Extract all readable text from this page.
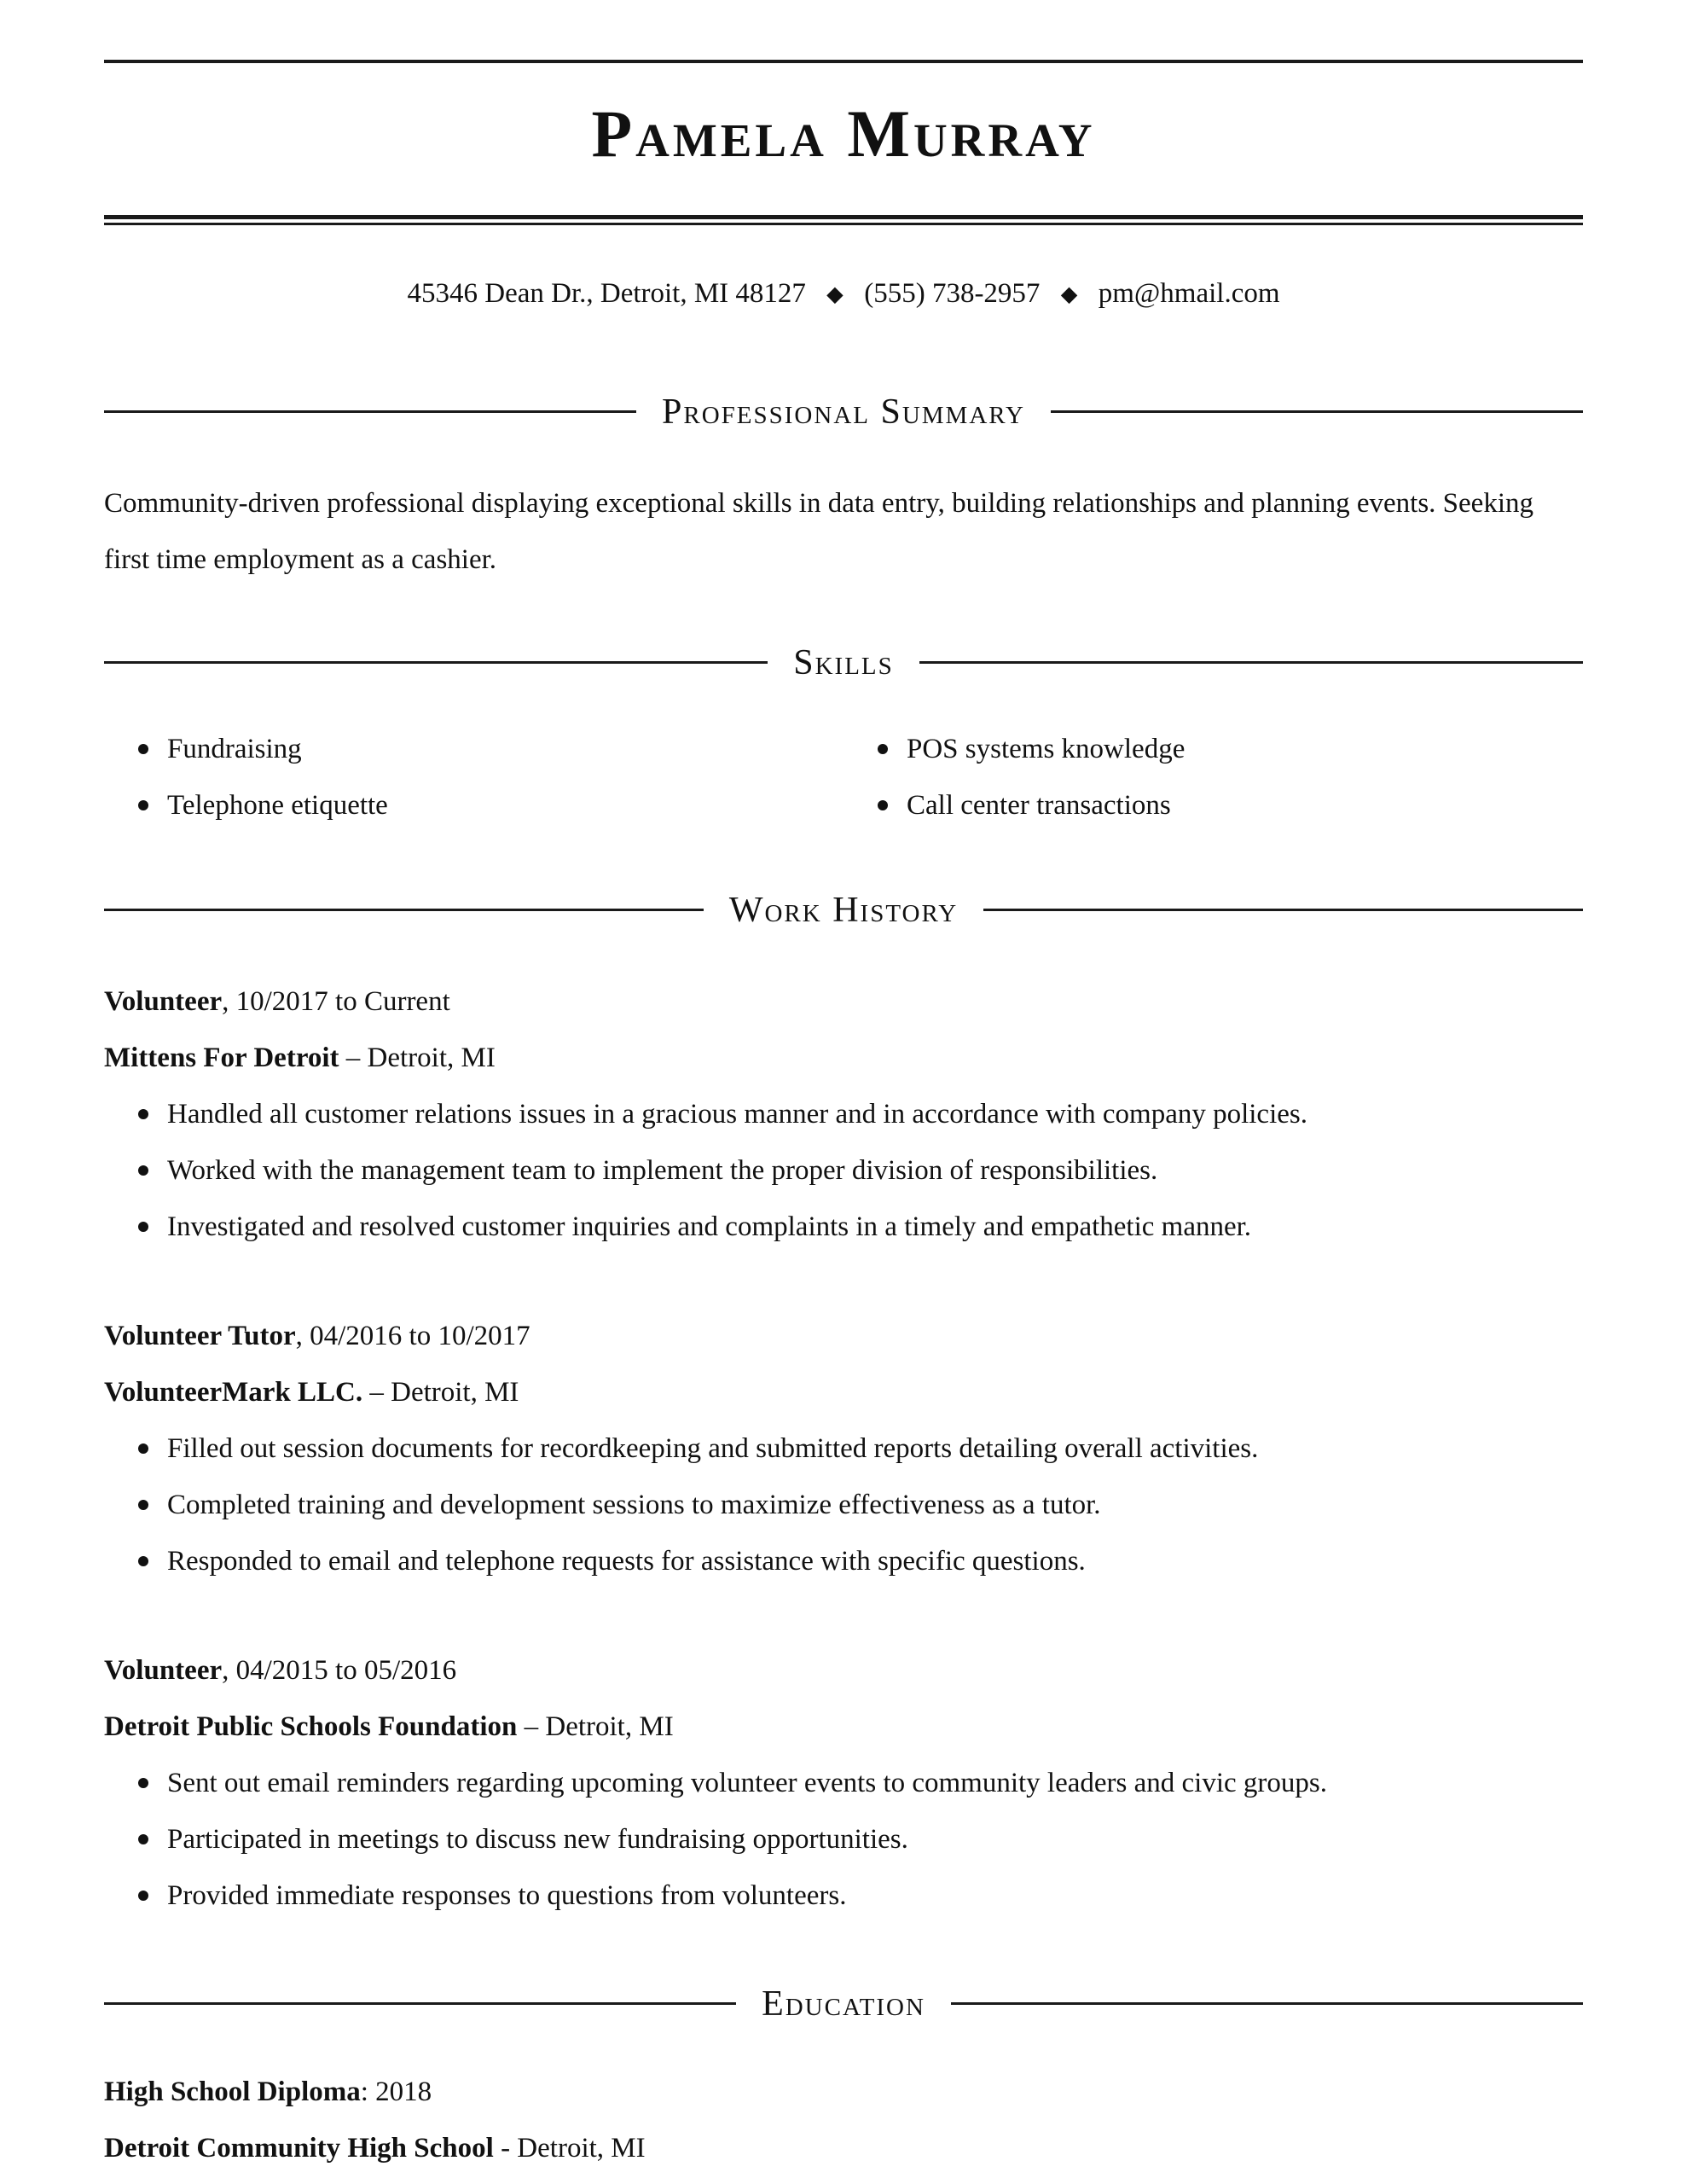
Pamela Murray

45346 Dean Dr., Detroit, MI 48127 ◆ (555) 738-2957 ◆ pm@hmail.com

Professional Summary

Community-driven professional displaying exceptional skills in data entry, building relationships and planning events. Seeking first time employment as a cashier.

Skills
Fundraising	POS systems knowledge
Telephone etiquette	Call center transactions
Work History

Volunteer, 10/2017 to Current

Mittens For Detroit – Detroit, MI

Handled all customer relations issues in a gracious manner and in accordance with company policies.
Worked with the management team to implement the proper division of responsibilities.
Investigated and resolved customer inquiries and complaints in a timely and empathetic manner.

Volunteer Tutor, 04/2016 to 10/2017

VolunteerMark LLC. – Detroit, MI

Filled out session documents for recordkeeping and submitted reports detailing overall activities.
Completed training and development sessions to maximize effectiveness as a tutor.
Responded to email and telephone requests for assistance with specific questions.

Volunteer, 04/2015 to 05/2016

Detroit Public Schools Foundation – Detroit, MI

Sent out email reminders regarding upcoming volunteer events to community leaders and civic groups.
Participated in meetings to discuss new fundraising opportunities.
Provided immediate responses to questions from volunteers.
Education

High School Diploma: 2018

Detroit Community High School - Detroit, MI
